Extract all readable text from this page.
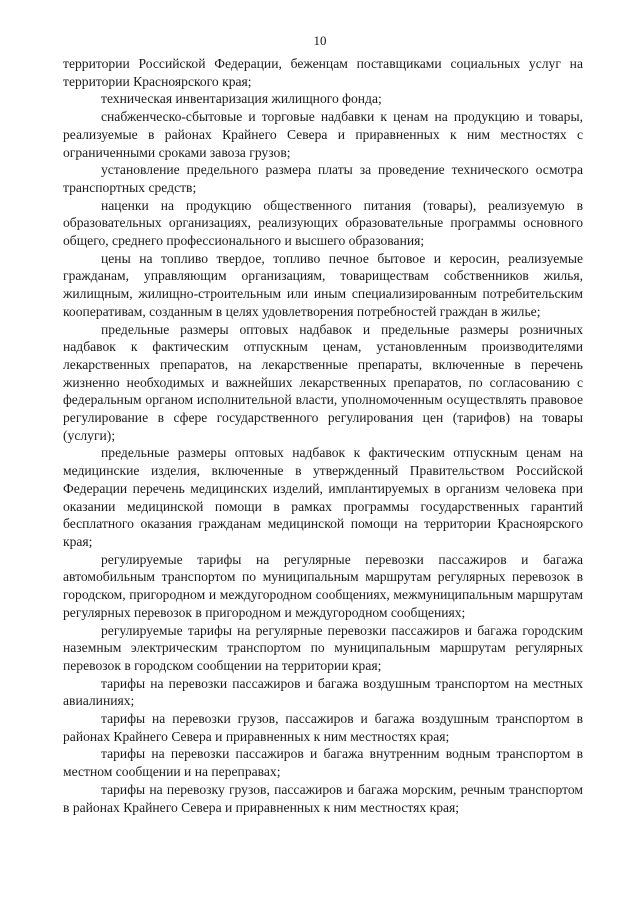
10

территории Российской Федерации, беженцам поставщиками социальных услуг на территории Красноярского края;

техническая инвентаризация жилищного фонда;

снабженческо-сбытовые и торговые надбавки к ценам на продукцию и товары, реализуемые в районах Крайнего Севера и приравненных к ним местностях с ограниченными сроками завоза грузов;

установление предельного размера платы за проведение технического осмотра транспортных средств;

наценки на продукцию общественного питания (товары), реализуемую в образовательных организациях, реализующих образовательные программы основного общего, среднего профессионального и высшего образования;

цены на топливо твердое, топливо печное бытовое и керосин, реализуемые гражданам, управляющим организациям, товариществам собственников жилья, жилищным, жилищно-строительным или иным специализированным потребительским кооперативам, созданным в целях удовлетворения потребностей граждан в жилье;

предельные размеры оптовых надбавок и предельные размеры розничных надбавок к фактическим отпускным ценам, установленным производителями лекарственных препаратов, на лекарственные препараты, включенные в перечень жизненно необходимых и важнейших лекарственных препаратов, по согласованию с федеральным органом исполнительной власти, уполномоченным осуществлять правовое регулирование в сфере государственного регулирования цен (тарифов) на товары (услуги);

предельные размеры оптовых надбавок к фактическим отпускным ценам на медицинские изделия, включенные в утвержденный Правительством Российской Федерации перечень медицинских изделий, имплантируемых в организм человека при оказании медицинской помощи в рамках программы государственных гарантий бесплатного оказания гражданам медицинской помощи на территории Красноярского края;

регулируемые тарифы на регулярные перевозки пассажиров и багажа автомобильным транспортом по муниципальным маршрутам регулярных перевозок в городском, пригородном и междугородном сообщениях, межмуниципальным маршрутам регулярных перевозок в пригородном и междугородном сообщениях;

регулируемые тарифы на регулярные перевозки пассажиров и багажа городским наземным электрическим транспортом по муниципальным маршрутам регулярных перевозок в городском сообщении на территории края;

тарифы на перевозки пассажиров и багажа воздушным транспортом на местных авиалиниях;

тарифы на перевозки грузов, пассажиров и багажа воздушным транспортом в районах Крайнего Севера и приравненных к ним местностях края;

тарифы на перевозки пассажиров и багажа внутренним водным транспортом в местном сообщении и на переправах;

тарифы на перевозку грузов, пассажиров и багажа морским, речным транспортом в районах Крайнего Севера и приравненных к ним местностях края;
